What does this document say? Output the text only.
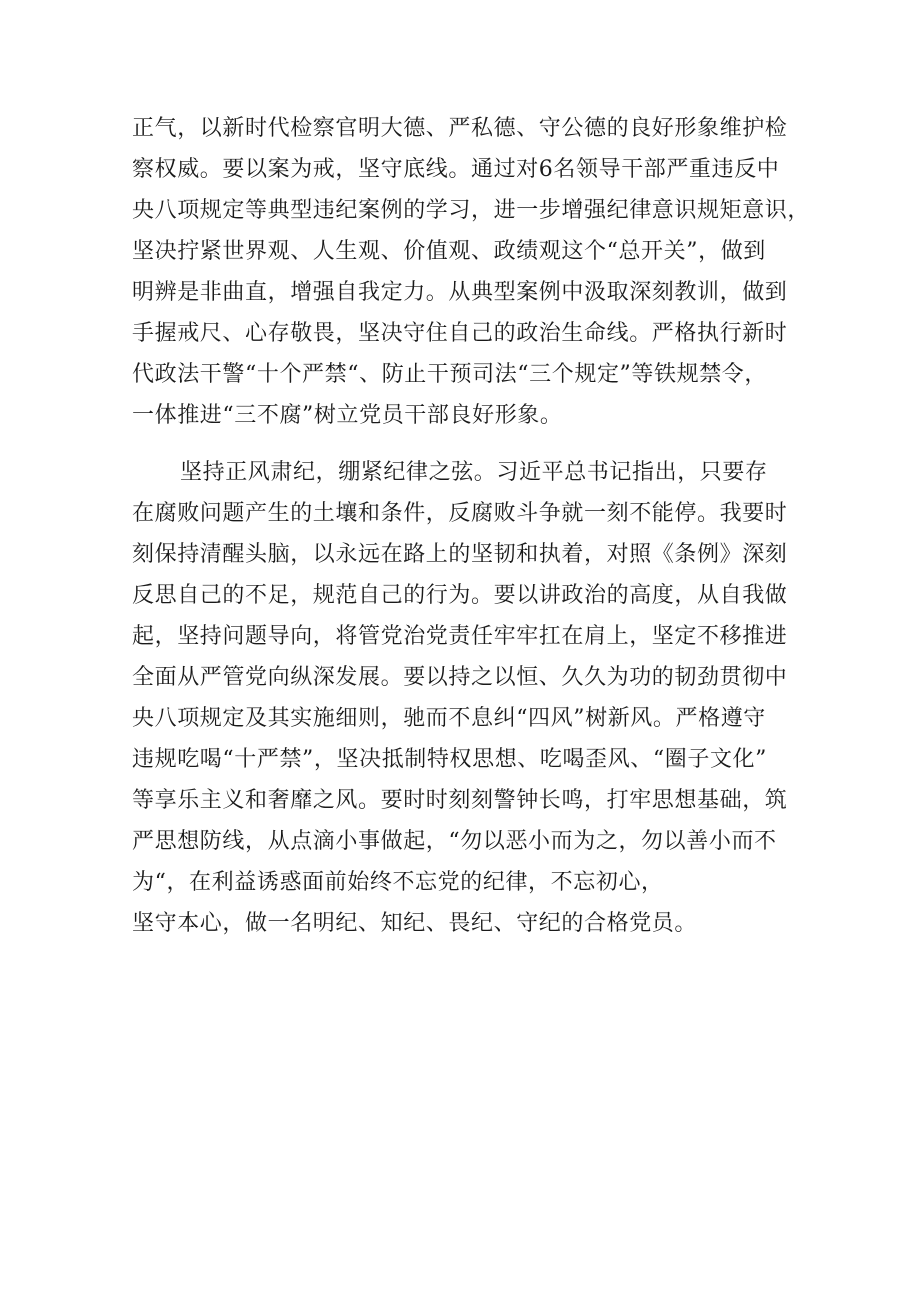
正气，以新时代检察官明大德、严私德、守公德的良好形象维护检
察权威。要以案为戒，坚守底线。通过对6名领导干部严重违反中
央八项规定等典型违纪案例的学习，进一步增强纪律意识规矩意识，
坚决拧紧世界观、人生观、价值观、政绩观这个“总开关”，做到
明辨是非曲直，增强自我定力。从典型案例中汲取深刻教训，做到
手握戒尺、心存敬畏，坚决守住自己的政治生命线。严格执行新时
代政法干警“十个严禁“、防止干预司法“三个规定”等铁规禁令，
一体推进“三不腐”树立党员干部良好形象。
坚持正风肃纪，绷紧纪律之弦。习近平总书记指出，只要存
在腐败问题产生的土壤和条件，反腐败斗争就一刻不能停。我要时
刻保持清醒头脑，以永远在路上的坚韧和执着，对照《条例》深刻
反思自己的不足，规范自己的行为。要以讲政治的高度，从自我做
起，坚持问题导向，将管党治党责任牢牢扛在肩上，坚定不移推进
全面从严管党向纵深发展。要以持之以恒、久久为功的韧劲贯彻中
央八项规定及其实施细则，驰而不息纠“四风”树新风。严格遵守
违规吃喝“十严禁”，坚决抵制特权思想、吃喝歪风、“圈子文化”
等享乐主义和奢靡之风。要时时刻刻警钟长鸣，打牢思想基础，筑
严思想防线，从点滴小事做起，“勿以恶小而为之，勿以善小而不
为“，在利益诱惑面前始终不忘党的纪律，不忘初心，
坚守本心，做一名明纪、知纪、畏纪、守纪的合格党员。
